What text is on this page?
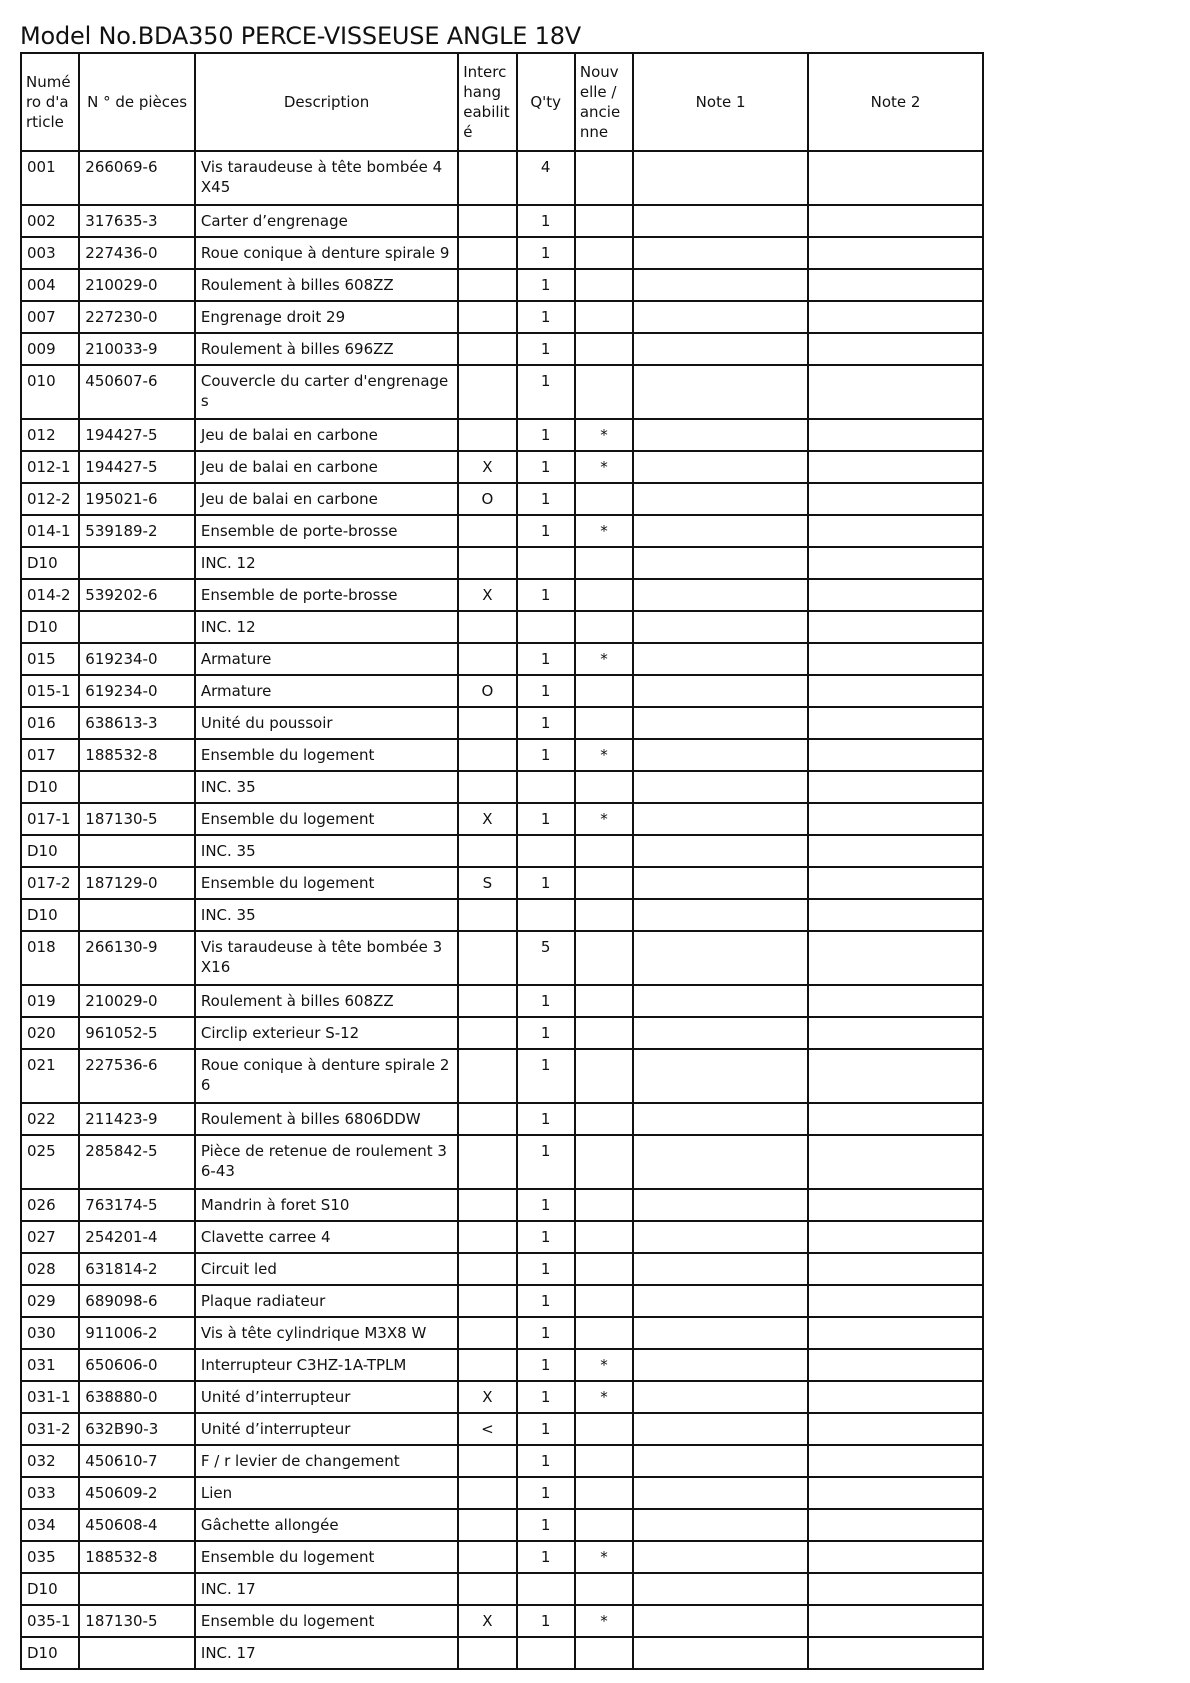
Model No.BDA350 PERCE-VISSEUSE ANGLE 18V
Numé ro d'a rticle	N ° de pièces	Description	Interc hang eabilit é	Q'ty	Nouv elle / ancie nne	Note 1	Note 2
001	266069-6	Vis taraudeuse à tête bombée 4X45		4			
002	317635-3	Carter d’engrenage		1			
003	227436-0	Roue conique à denture spirale 9		1			
004	210029-0	Roulement à billes 608ZZ		1			
007	227230-0	Engrenage droit 29		1			
009	210033-9	Roulement à billes 696ZZ		1			
010	450607-6	Couvercle du carter d'engrenages		1			
012	194427-5	Jeu de balai en carbone		1	*		
012-1	194427-5	Jeu de balai en carbone	X	1	*		
012-2	195021-6	Jeu de balai en carbone	O	1			
014-1	539189-2	Ensemble de porte-brosse		1	*		
D10		INC. 12					
014-2	539202-6	Ensemble de porte-brosse	X	1			
D10		INC. 12					
015	619234-0	Armature		1	*		
015-1	619234-0	Armature	O	1			
016	638613-3	Unité du poussoir		1			
017	188532-8	Ensemble du logement		1	*		
D10		INC. 35					
017-1	187130-5	Ensemble du logement	X	1	*		
D10		INC. 35					
017-2	187129-0	Ensemble du logement	S	1			
D10		INC. 35					
018	266130-9	Vis taraudeuse à tête bombée 3X16		5			
019	210029-0	Roulement à billes 608ZZ		1			
020	961052-5	Circlip exterieur S-12		1			
021	227536-6	Roue conique à denture spirale 26		1			
022	211423-9	Roulement à billes 6806DDW		1			
025	285842-5	Pièce de retenue de roulement 36-43		1			
026	763174-5	Mandrin à foret S10		1			
027	254201-4	Clavette carree 4		1			
028	631814-2	Circuit led		1			
029	689098-6	Plaque radiateur		1			
030	911006-2	Vis à tête cylindrique M3X8 W		1			
031	650606-0	Interrupteur C3HZ-1A-TPLM		1	*		
031-1	638880-0	Unité d’interrupteur	X	1	*		
031-2	632B90-3	Unité d’interrupteur	<	1			
032	450610-7	F / r levier de changement		1			
033	450609-2	Lien		1			
034	450608-4	Gâchette allongée		1			
035	188532-8	Ensemble du logement		1	*		
D10		INC. 17					
035-1	187130-5	Ensemble du logement	X	1	*		
D10		INC. 17					
